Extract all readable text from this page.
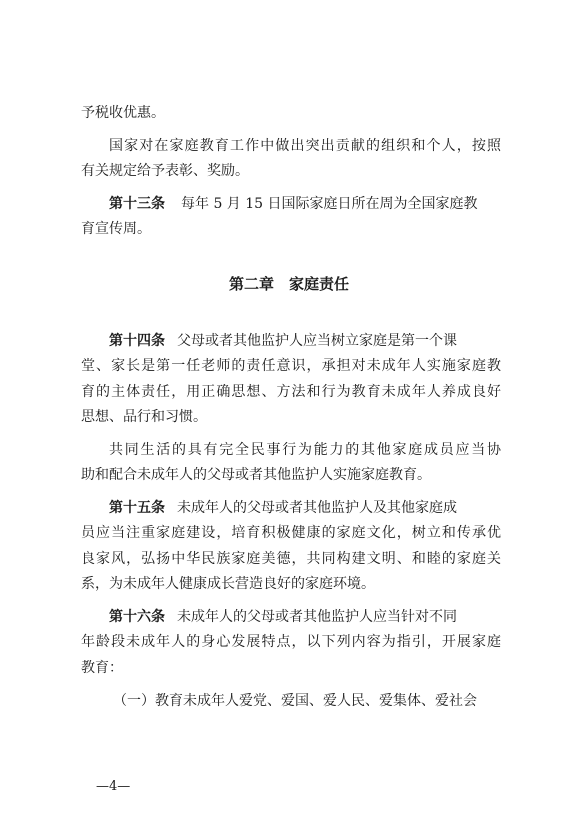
予税收优惠。
国家对在家庭教育工作中做出突出贡献的组织和个人，按照
有关规定给予表彰、奖励。
第十三条 每年 5 月 15 日国际家庭日所在周为全国家庭教
育宣传周。
第二章　家庭责任
第十四条 父母或者其他监护人应当树立家庭是第一个课
堂、家长是第一任老师的责任意识，承担对未成年人实施家庭教
育的主体责任，用正确思想、方法和行为教育未成年人养成良好
思想、品行和习惯。
共同生活的具有完全民事行为能力的其他家庭成员应当协
助和配合未成年人的父母或者其他监护人实施家庭教育。
第十五条 未成年人的父母或者其他监护人及其他家庭成
员应当注重家庭建设，培育积极健康的家庭文化，树立和传承优
良家风，弘扬中华民族家庭美德，共同构建文明、和睦的家庭关
系，为未成年人健康成长营造良好的家庭环境。
第十六条 未成年人的父母或者其他监护人应当针对不同
年龄段未成年人的身心发展特点，以下列内容为指引，开展家庭
教育：
（一）教育未成年人爱党、爱国、爱人民、爱集体、爱社会
—4—
